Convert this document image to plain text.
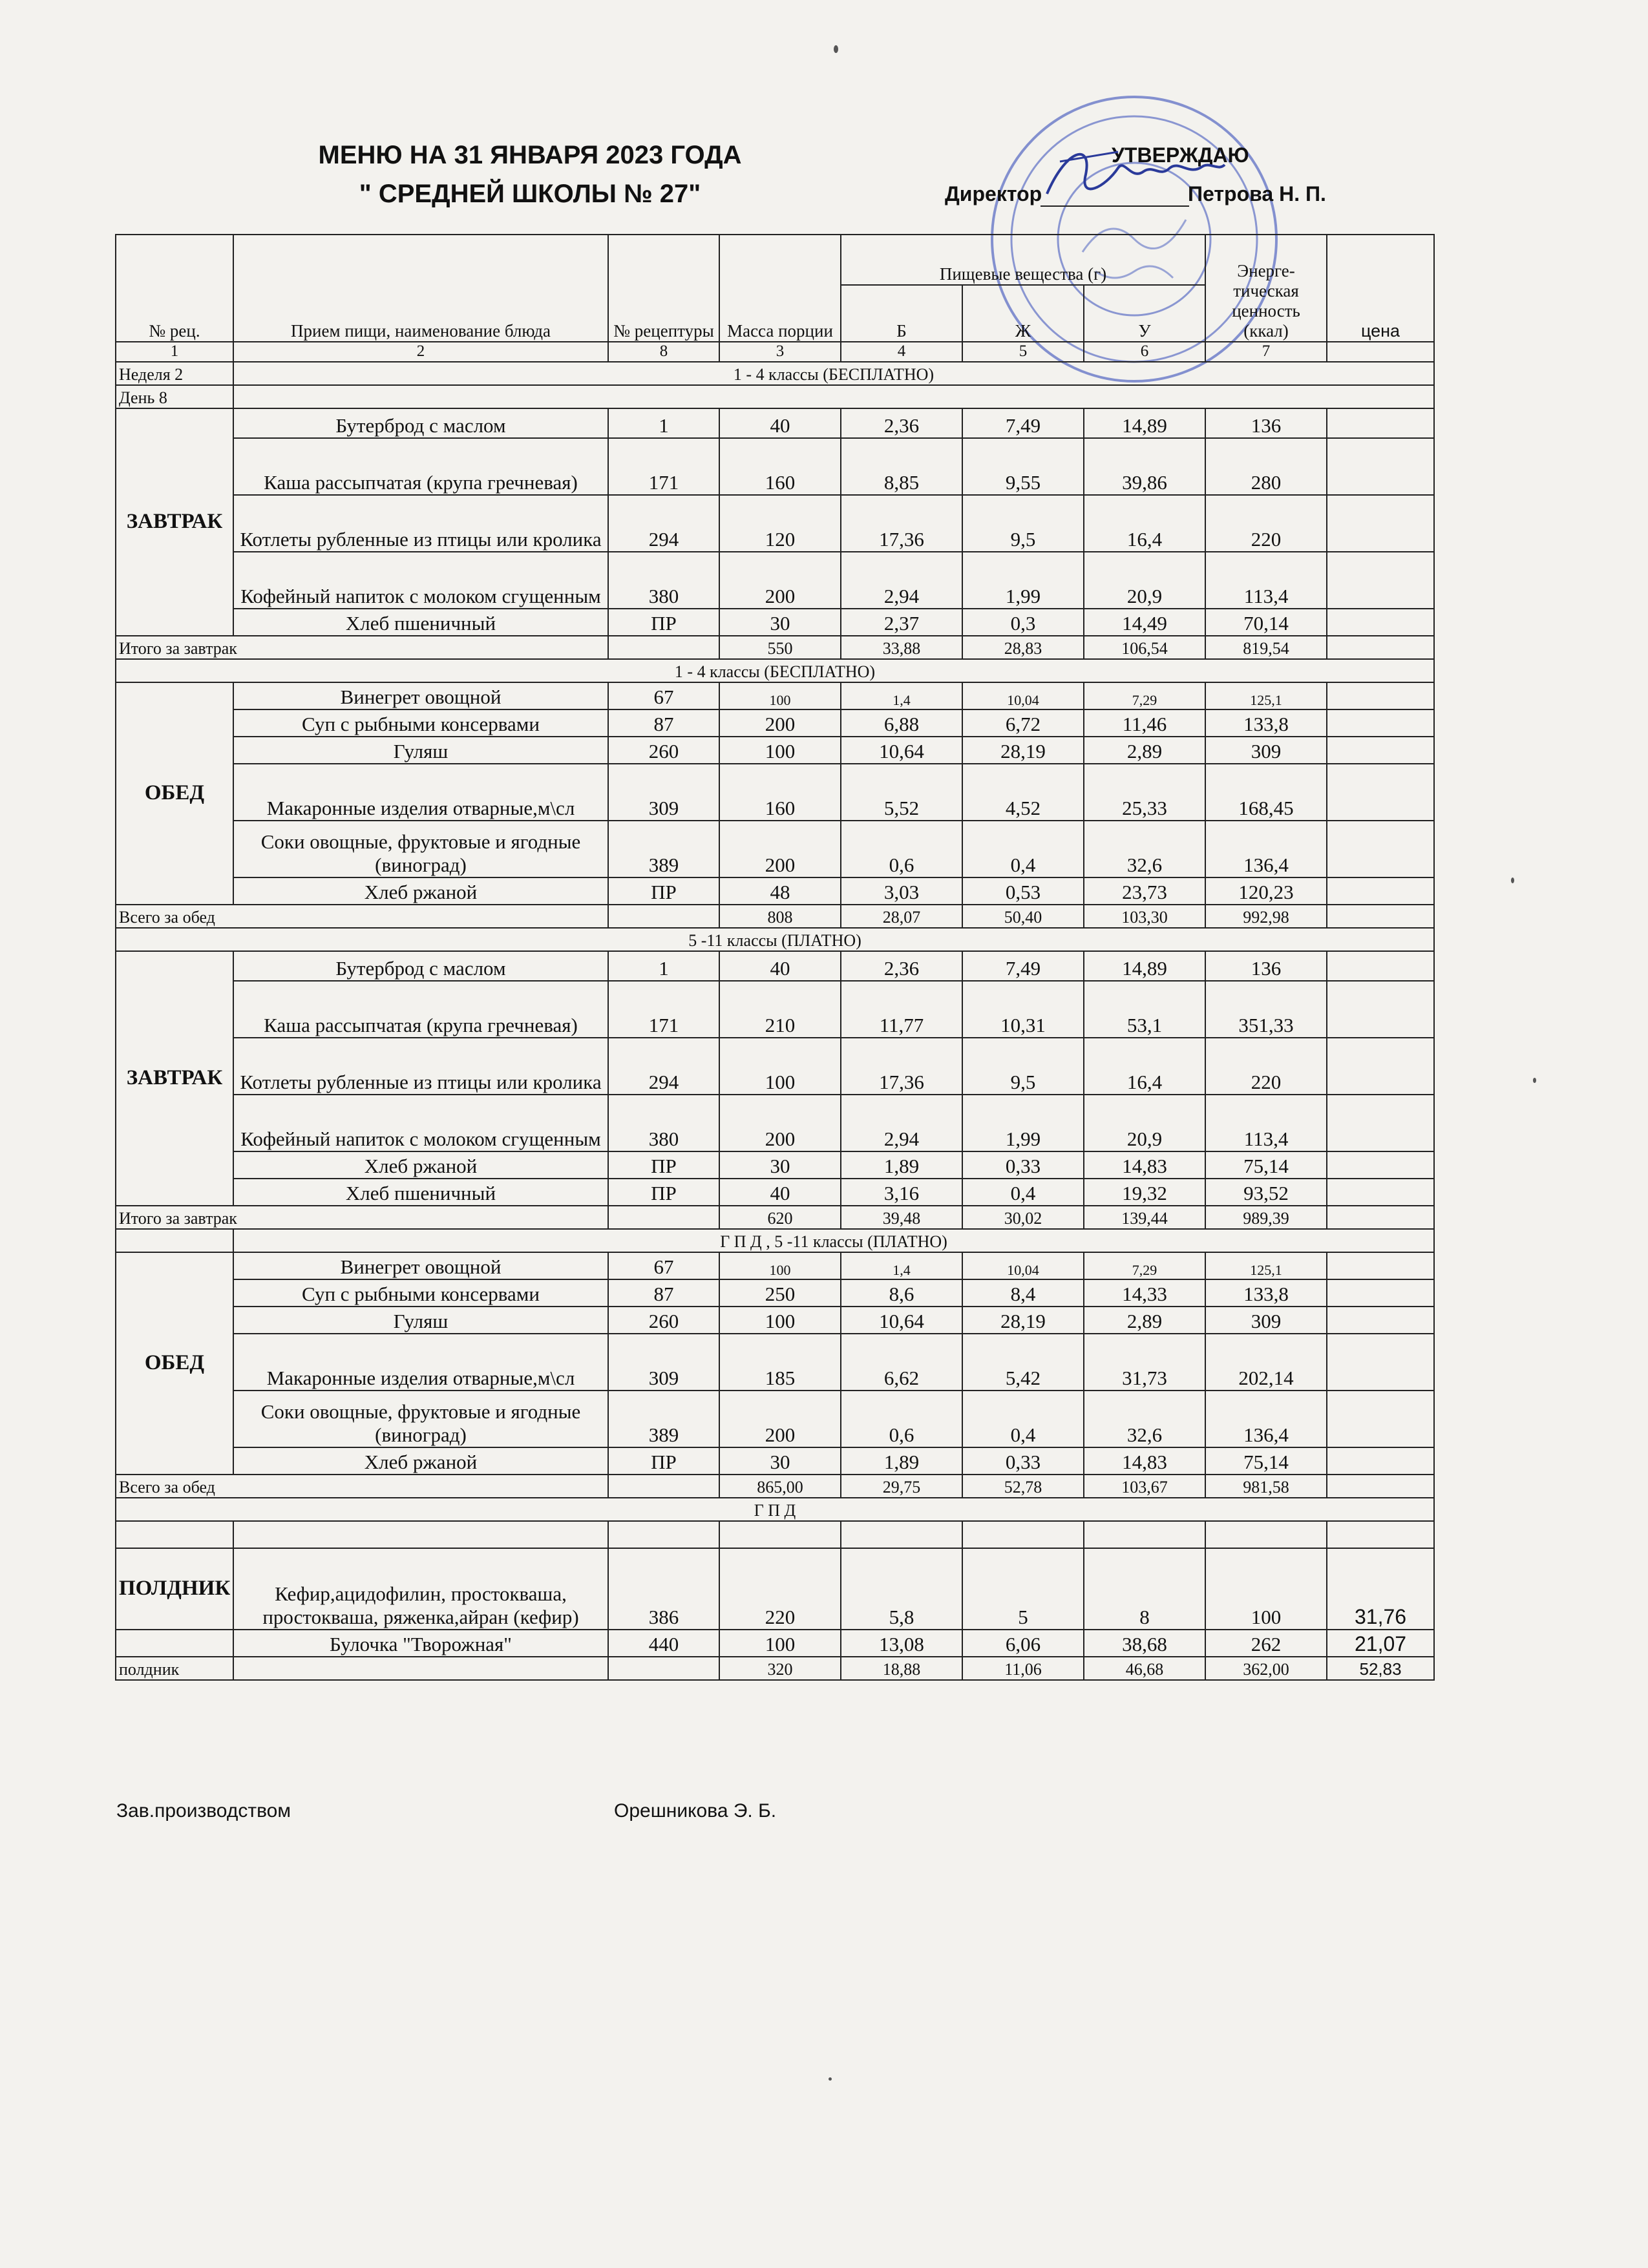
МЕНЮ НА 31 ЯНВАРЯ 2023 ГОДА
" СРЕДНЕЙ ШКОЛЫ № 27"
УТВЕРЖДАЮ
Директор	Петрова Н. П.
№ рец.	Прием пищи, наименование блюда	№ рецептуры	Масса порции	Пищевые вещества (г)			Энерге-тическая ценность (ккал)	цена
				Б	Ж	У		
1	2	8	3	4	5	6	7	
Неделя 2	1 - 4 классы (БЕСПЛАТНО)							
День 8								
ЗАВТРАК	Бутерброд с маслом	1	40	2,36	7,49	14,89	136	
	Каша рассыпчатая (крупа гречневая)	171	160	8,85	9,55	39,86	280	
	Котлеты рубленные из птицы или кролика	294	120	17,36	9,5	16,4	220	
	Кофейный напиток с молоком сгущенным	380	200	2,94	1,99	20,9	113,4	
	Хлеб пшеничный	ПР	30	2,37	0,3	14,49	70,14	
Итого за завтрак			550	33,88	28,83	106,54	819,54	
1 - 4 классы (БЕСПЛАТНО)								
ОБЕД	Винегрет овощной	67	100	1,4	10,04	7,29	125,1	
	Суп с рыбными консервами	87	200	6,88	6,72	11,46	133,8	
	Гуляш	260	100	10,64	28,19	2,89	309	
	Макаронные изделия отварные,м\сл	309	160	5,52	4,52	25,33	168,45	
	Соки овощные, фруктовые и ягодные (виноград)	389	200	0,6	0,4	32,6	136,4	
	Хлеб ржаной	ПР	48	3,03	0,53	23,73	120,23	
Всего за обед			808	28,07	50,40	103,30	992,98	
5 -11 классы (ПЛАТНО)								
ЗАВТРАК	Бутерброд с маслом	1	40	2,36	7,49	14,89	136	
	Каша рассыпчатая (крупа гречневая)	171	210	11,77	10,31	53,1	351,33	
	Котлеты рубленные из птицы или кролика	294	100	17,36	9,5	16,4	220	
	Кофейный напиток с молоком сгущенным	380	200	2,94	1,99	20,9	113,4	
	Хлеб ржаной	ПР	30	1,89	0,33	14,83	75,14	
	Хлеб пшеничный	ПР	40	3,16	0,4	19,32	93,52	
Итого за завтрак			620	39,48	30,02	139,44	989,39	
	Г П Д , 5 -11 классы (ПЛАТНО)							
ОБЕД	Винегрет овощной	67	100	1,4	10,04	7,29	125,1	
	Суп с рыбными консервами	87	250	8,6	8,4	14,33	133,8	
	Гуляш	260	100	10,64	28,19	2,89	309	
	Макаронные изделия отварные,м\сл	309	185	6,62	5,42	31,73	202,14	
	Соки овощные, фруктовые и ягодные (виноград)	389	200	0,6	0,4	32,6	136,4	
	Хлеб ржаной	ПР	30	1,89	0,33	14,83	75,14	
Всего за обед			865,00	29,75	52,78	103,67	981,58	
Г П Д								

ПОЛДНИК	Кефир,ацидофилин, простокваша, простокваша, ряженка,айран (кефир)	386	220	5,8	5	8	100	31,76
	Булочка "Творожная"	440	100	13,08	6,06	38,68	262	21,07
полдник			320	18,88	11,06	46,68	362,00	52,83
Зав.производством	Орешникова Э. Б.
